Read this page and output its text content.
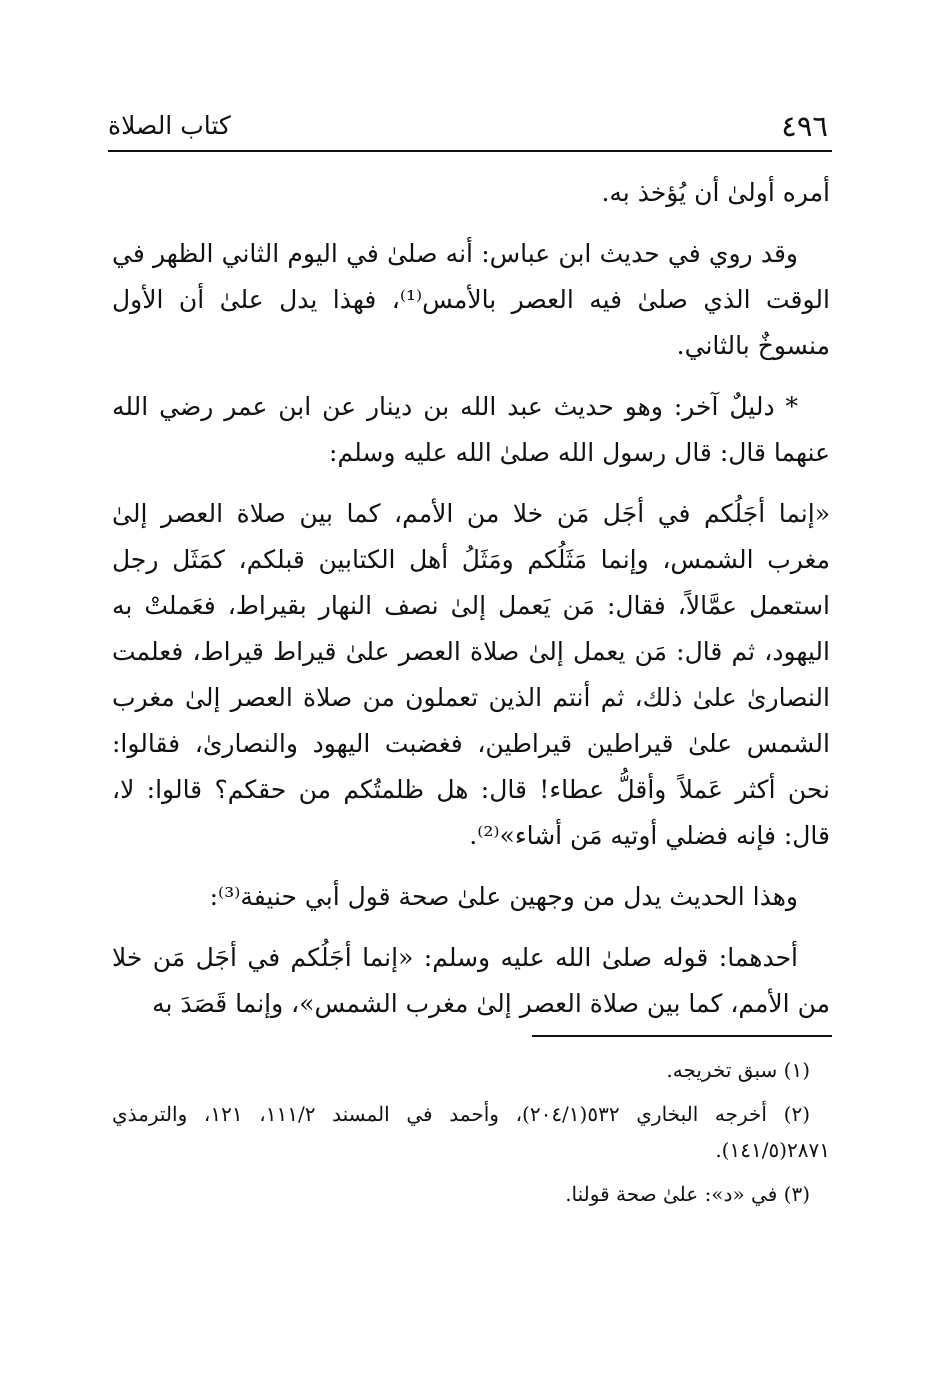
٤٩٦
كتاب الصلاة

أمره أولىٰ أن يُؤخذ به.

وقد روي في حديث ابن عباس: أنه صلىٰ في اليوم الثاني الظهر في الوقت الذي صلىٰ فيه العصر بالأمس⁽¹⁾، فهذا يدل علىٰ أن الأول منسوخٌ بالثاني.

* دليلٌ آخر: وهو حديث عبد الله بن دينار عن ابن عمر رضي الله عنهما قال: قال رسول الله صلىٰ الله عليه وسلم:

«إنما أجَلُكم في أجَل مَن خلا من الأمم، كما بين صلاة العصر إلىٰ مغرب الشمس، وإنما مَثَلُكم ومَثَلُ أهل الكتابين قبلكم، كمَثَل رجل استعمل عمَّالاً، فقال: مَن يَعمل إلىٰ نصف النهار بقيراط، فعَملتْ به اليهود، ثم قال: مَن يعمل إلىٰ صلاة العصر علىٰ قيراط قيراط، فعلمت النصارىٰ علىٰ ذلك، ثم أنتم الذين تعملون من صلاة العصر إلىٰ مغرب الشمس علىٰ قيراطين قيراطين، فغضبت اليهود والنصارىٰ، فقالوا: نحن أكثر عَملاً وأقلُّ عطاء! قال: هل ظلمتُكم من حقكم؟ قالوا: لا، قال: فإنه فضلي أوتيه مَن أشاء»⁽²⁾.

وهذا الحديث يدل من وجهين علىٰ صحة قول أبي حنيفة⁽³⁾:

أحدهما: قوله صلىٰ الله عليه وسلم: «إنما أجَلُكم في أجَل مَن خلا من الأمم، كما بين صلاة العصر إلىٰ مغرب الشمس»، وإنما قَصَدَ به

(١) سبق تخريجه.

(٢) أخرجه البخاري ٥٣٢(٢٠٤/١)، وأحمد في المسند ١١١/٢، ١٢١، والترمذي ٢٨٧١(١٤١/٥).

(٣) في «د»: علىٰ صحة قولنا.
